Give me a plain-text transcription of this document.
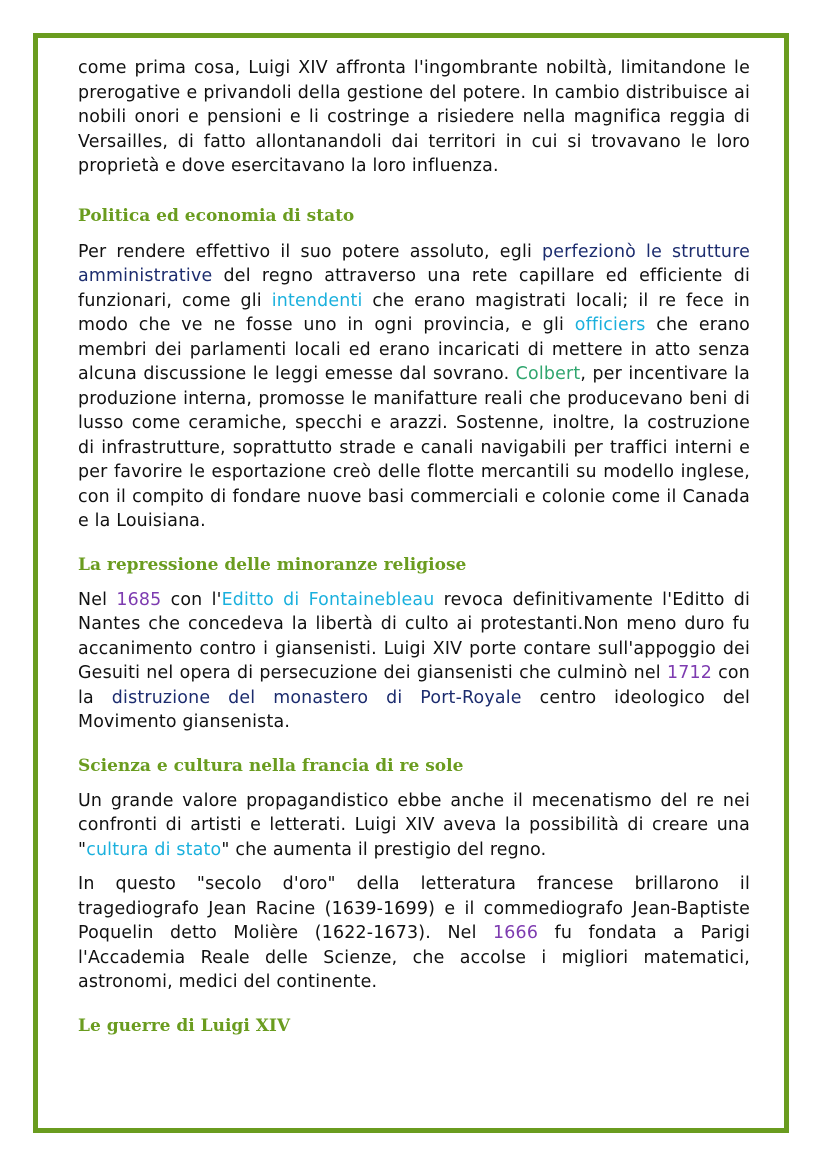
come prima cosa, Luigi XIV affronta l'ingombrante nobiltà, limitandone le prerogative e privandoli della gestione del potere. In cambio distribuisce ai nobili onori e pensioni e li costringe a risiedere nella magnifica reggia di Versailles, di fatto allontanandoli dai territori in cui si trovavano le loro proprietà e dove esercitavano la loro influenza.

Politica ed economia di stato

Per rendere effettivo il suo potere assoluto, egli perfezionò le strutture amministrative del regno attraverso una rete capillare ed efficiente di funzionari, come gli intendenti che erano magistrati locali; il re fece in modo che ve ne fosse uno in ogni provincia, e gli officiers che erano membri dei parlamenti locali ed erano incaricati di mettere in atto senza alcuna discussione le leggi emesse dal sovrano. Colbert, per incentivare la produzione interna, promosse le manifatture reali che producevano beni di lusso come ceramiche, specchi e arazzi. Sostenne, inoltre, la costruzione di infrastrutture, soprattutto strade e canali navigabili per traffici interni e per favorire le esportazione creò delle flotte mercantili su modello inglese, con il compito di fondare nuove basi commerciali e colonie come il Canada e la Louisiana.

La repressione delle minoranze religiose

Nel 1685 con l'Editto di Fontainebleau revoca definitivamente l'Editto di Nantes che concedeva la libertà di culto ai protestanti.Non meno duro fu accanimento contro i giansenisti. Luigi XIV porte contare sull'appoggio dei Gesuiti nel opera di persecuzione dei giansenisti che culminò nel 1712 con la distruzione del monastero di Port-Royale centro ideologico del Movimento giansenista.

Scienza e cultura nella francia di re sole

Un grande valore propagandistico ebbe anche il mecenatismo del re nei confronti di artisti e letterati. Luigi XIV aveva la possibilità di creare una "cultura di stato" che aumenta il prestigio del regno.

In questo "secolo d'oro" della letteratura francese brillarono il tragediografo Jean Racine (1639-1699) e il commediografo Jean-Baptiste Poquelin detto Molière (1622-1673). Nel 1666 fu fondata a Parigi l'Accademia Reale delle Scienze, che accolse i migliori matematici, astronomi, medici del continente.

Le guerre di Luigi XIV
